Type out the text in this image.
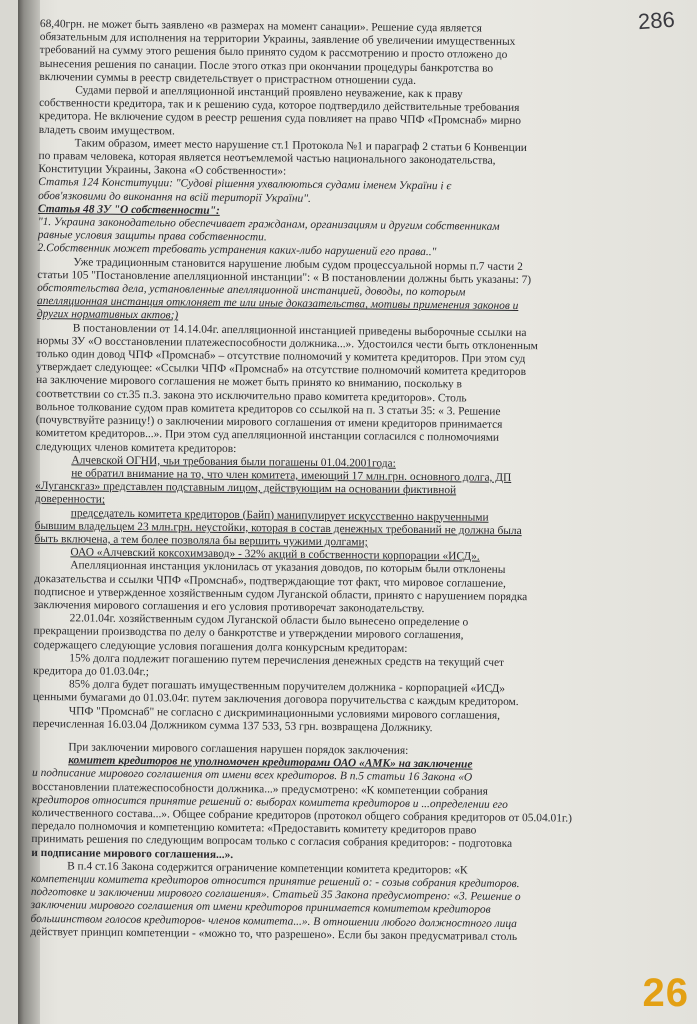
286
68,40грн. не может быть заявлено «в размерах на момент санации». Решение суда является
обязательным для исполнения на территории Украины, заявление об увеличении имущественных
требований на сумму этого решения было принято судом к рассмотрению и просто отложено до
вынесения решения по санации. После этого отказ при окончании процедуры банкротства во
включении суммы в реестр свидетельствует о пристрастном отношении суда.
Судами первой и апелляционной инстанций проявлено неуважение, как к праву
собственности кредитора, так и к решению суда, которое подтвердило действительные требования
кредитора. Не включение судом в реестр решения суда повлияет на право ЧПФ «Промснаб» мирно
владеть своим имуществом.
Таким образом, имеет место нарушение ст.1 Протокола №1 и параграф 2 статьи 6 Конвенции
по правам человека, которая является неотъемлемой частью национального законодательства,
Конституции Украины, Закона «О собственности»:
Статья 124 Конституции: "Судові рішення ухвалюються судами іменем України і є
обов'язковими до виконання на всій території України".
Статья 48 ЗУ "О собственности":
"1. Украина законодательно обеспечивает гражданам, организациям и другим собственникам
равные условия защиты права собственности.
2.Собственник может требовать устранения каких-либо нарушений его права.."
Уже традиционным становится нарушение любым судом процессуальной нормы п.7 части 2
статьи 105 "Постановление апелляционной инстанции": « В постановлении должны быть указаны: 7)
обстоятельства дела, установленные апелляционной инстанцией, доводы, по которым
апелляционная инстанция отклоняет те или иные доказательства, мотивы применения законов и
других нормативных актов;)
В постановлении от 14.14.04г. апелляционной инстанцией приведены выборочные ссылки на
нормы ЗУ «О восстановлении платежеспособности должника...». Удостоился чести быть отклоненным
только один довод ЧПФ «Промснаб» – отсутствие полномочий у комитета кредиторов. При этом суд
утверждает следующее: «Ссылки ЧПФ «Промснаб» на отсутствие полномочий комитета кредиторов
на заключение мирового соглашения не может быть принято ко вниманию, поскольку в
соответствии со ст.35 п.3. закона это исключительно право комитета кредиторов». Столь
вольное толкование судом прав комитета кредиторов со ссылкой на п. 3 статьи 35: « 3. Решение
(почувствуйте разницу!) о заключении мирового соглашения от имени кредиторов принимается
комитетом кредиторов...». При этом суд апелляционной инстанции согласился с полномочиями
следующих членов комитета кредиторов:
Алчевской ОГНИ, чьи требования были погашены 01.04.2001года:
не обратил внимание на то, что член комитета, имеющий 17 млн.грн. основного долга, ДП
«Луганскгаз» представлен подставным лицом, действующим на основании фиктивной
доверенности;
председатель комитета кредиторов (Байп) манипулирует искусственно накрученными
бывшим владельцем 23 млн.грн. неустойки, которая в состав денежных требований не должна была
быть включена, а тем более позволяла бы вершить чужими долгами;
ОАО «Алчевский коксохимзавод» - 32% акций в собственности корпорации «ИСД».
Апелляционная инстанция уклонилась от указания доводов, по которым были отклонены
доказательства и ссылки ЧПФ «Промснаб», подтверждающие тот факт, что мировое соглашение,
подписное и утвержденное хозяйственным судом Луганской области, принято с нарушением порядка
заключения мирового соглашения и его условия противоречат законодательству.
22.01.04г. хозяйственным судом Луганской области было вынесено определение о
прекращении производства по делу о банкротстве и утверждении мирового соглашения,
содержащего следующие условия погашения долга конкурсным кредиторам:
15% долга подлежит погашению путем перечисления денежных средств на текущий счет
кредитора до 01.03.04г.;
85% долга будет погашать имущественным поручителем должника - корпорацией «ИСД»
ценными бумагами до 01.03.04г. путем заключения договора поручительства с каждым кредитором.
ЧПФ "Промснаб" не согласно с дискриминационными условиями мирового соглашения,
перечисленная 16.03.04 Должником сумма 137 533, 53 грн. возвращена Должнику.
При заключении мирового соглашения нарушен порядок заключения:
комитет кредиторов не уполномочен кредиторами ОАО «АМК» на заключение
и подписание мирового соглашения от имени всех кредиторов. В п.5 статьи 16 Закона «О
восстановлении платежеспособности должника...» предусмотрено: «К компетенции собрания
кредиторов относится принятие решений о: выборах комитета кредиторов и ...определении его
количественного состава...». Общее собрание кредиторов (протокол общего собрания кредиторов от 05.04.01г.)
передало полномочия и компетенцию комитета: «Предоставить комитету кредиторов право
принимать решения по следующим вопросам только с согласия собрания кредиторов: - подготовка
и подписание мирового соглашения...».
В п.4 ст.16 Закона содержится ограничение компетенции комитета кредиторов: «К
компетенции комитета кредиторов относится принятие решений о: - созыв собрания кредиторов.
подготовке и заключении мирового соглашения». Статьей 35 Закона предусмотрено: «3. Решение о
заключении мирового соглашения от имени кредиторов принимается комитетом кредиторов
большинством голосов кредиторов- членов комитета...». В отношении любого должностного лица
действует принцип компетенции - «можно то, что разрешено». Если бы закон предусматривал столь
26
